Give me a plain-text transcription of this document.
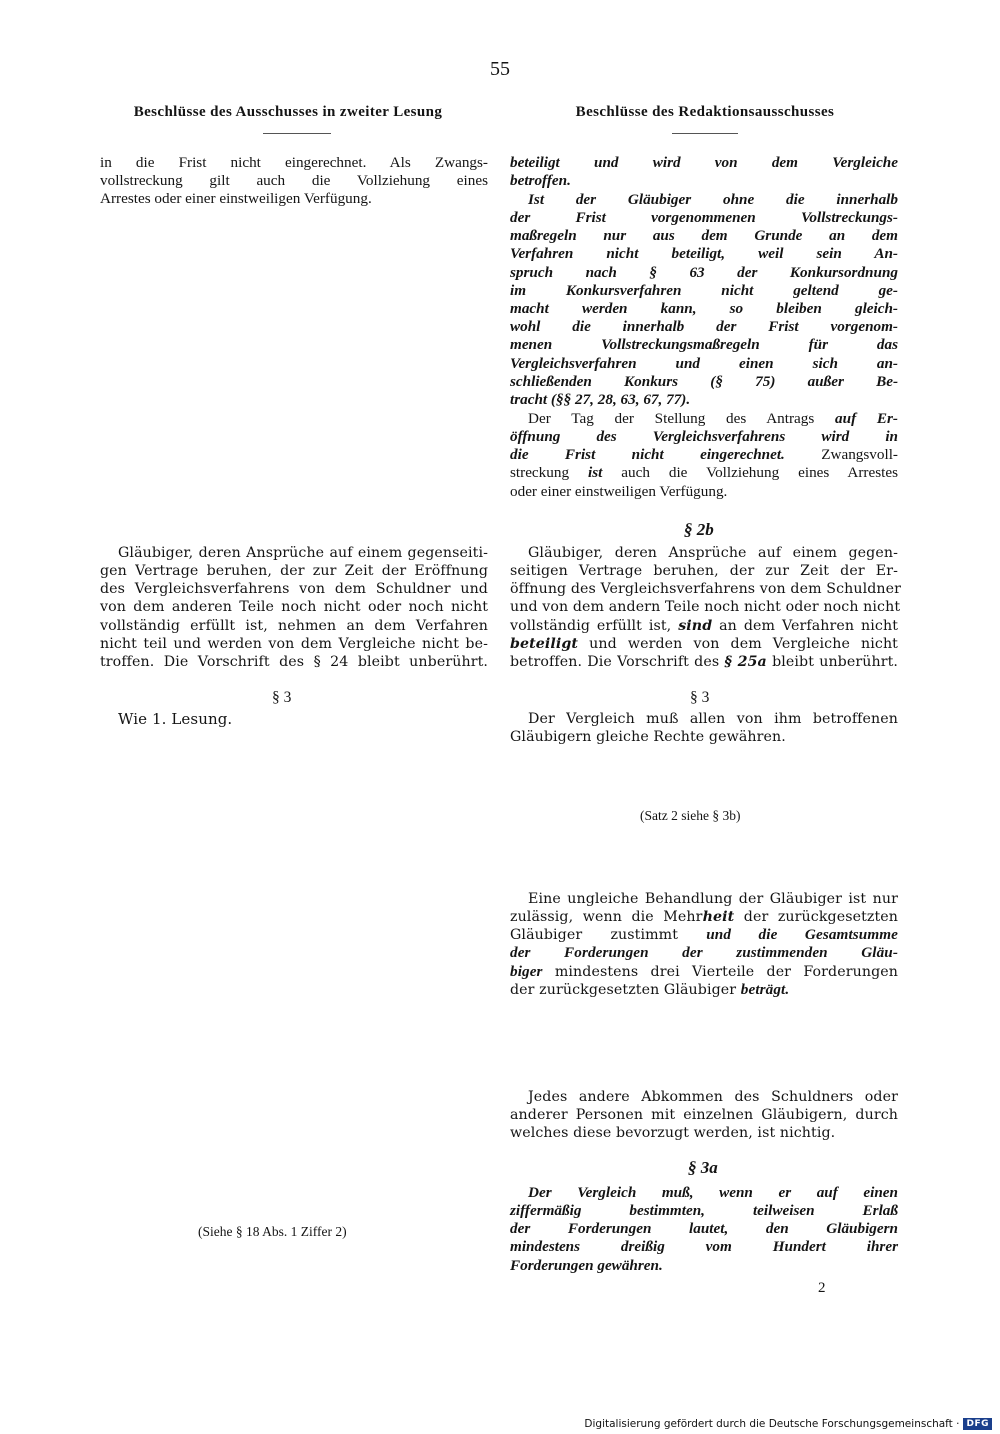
55
Beschlüsse des Ausschusses in zweiter Lesung	Beschlüsse des Redaktionsausschusses
in die Frist nicht eingerechnet. Als Zwangs-
vollstreckung gilt auch die Vollziehung eines
Arrestes oder einer einstweiligen Verfügung.
Gläubiger, deren Ansprüche auf einem gegenseiti-
gen Vertrage beruhen, der zur Zeit der Eröffnung
des Vergleichsverfahrens von dem Schuldner und
von dem anderen Teile noch nicht oder noch nicht
vollständig erfüllt ist, nehmen an dem Verfahren
nicht teil und werden von dem Vergleiche nicht be-
troffen. Die Vorschrift des § 24 bleibt unberührt.
§ 3
Wie 1. Lesung.
(Siehe § 18 Abs. 1 Ziffer 2)
beteiligt und wird von dem Vergleiche
betroffen.
Ist der Gläubiger ohne die innerhalb
der Frist vorgenommenen Vollstreckungs-
maßregeln nur aus dem Grunde an dem
Verfahren nicht beteiligt, weil sein An-
spruch nach § 63 der Konkursordnung
im Konkursverfahren nicht geltend ge-
macht werden kann, so bleiben gleich-
wohl die innerhalb der Frist vorgenom-
menen Vollstreckungsmaßregeln für das
Vergleichsverfahren und einen sich an-
schließenden Konkurs (§ 75) außer Be-
tracht (§§ 27, 28, 63, 67, 77).
Der Tag der Stellung des Antrags auf Er-
öffnung des Vergleichsverfahrens wird in
die Frist nicht eingerechnet. Zwangsvoll-
streckung ist auch die Vollziehung eines Arrestes
oder einer einstweiligen Verfügung.
§ 2b
Gläubiger, deren Ansprüche auf einem gegen-
seitigen Vertrage beruhen, der zur Zeit der Er-
öffnung des Vergleichsverfahrens von dem Schuldner
und von dem andern Teile noch nicht oder noch nicht
vollständig erfüllt ist, sind an dem Verfahren nicht
beteiligt und werden von dem Vergleiche nicht
betroffen. Die Vorschrift des § 25a bleibt unberührt.
§ 3
Der Vergleich muß allen von ihm betroffenen
Gläubigern gleiche Rechte gewähren.
(Satz 2 siehe § 3b)
Eine ungleiche Behandlung der Gläubiger ist nur
zulässig, wenn die Mehrheit der zurückgesetzten
Gläubiger zustimmt und die Gesamtsumme
der Forderungen der zustimmenden Gläu-
biger mindestens drei Vierteile der Forderungen
der zurückgesetzten Gläubiger beträgt.
Jedes andere Abkommen des Schuldners oder
anderer Personen mit einzelnen Gläubigern, durch
welches diese bevorzugt werden, ist nichtig.
§ 3a
Der Vergleich muß, wenn er auf einen
ziffermäßig bestimmten, teilweisen Erlaß
der Forderungen lautet, den Gläubigern
mindestens dreißig vom Hundert ihrer
Forderungen gewähren.
2
Digitalisierung gefördert durch die Deutsche Forschungsgemeinschaft · DFG
